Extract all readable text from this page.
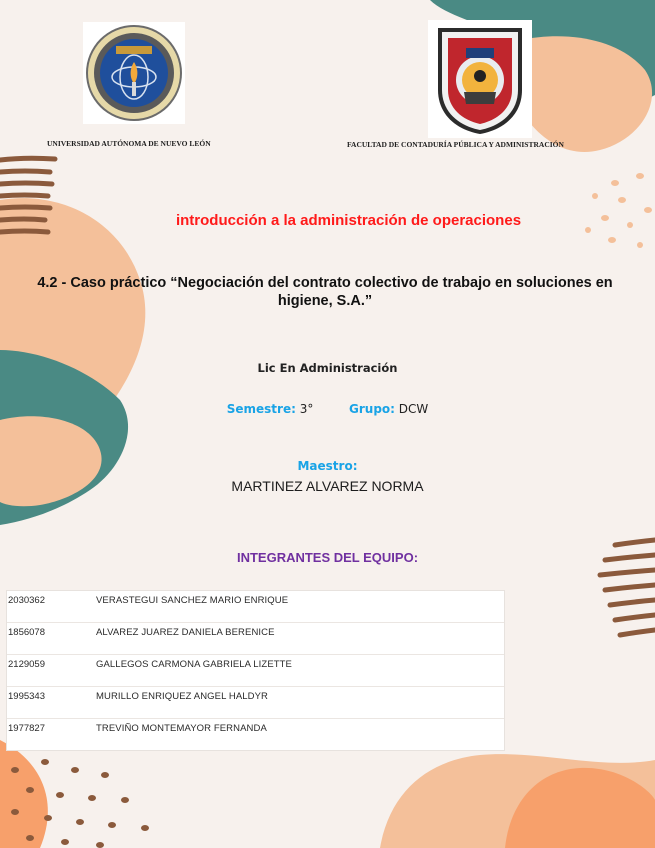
UNIVERSIDAD AUTÓNOMA DE NUEVO LEÓN	FACULTAD DE CONTADURÍA PÚBLICA Y ADMINISTRACIÓN
introducción a la administración de operaciones
4.2 - Caso práctico “Negociación del contrato colectivo de trabajo en soluciones en higiene, S.A.”
Lic En Administración
Semestre: 3°	Grupo: DCW
Maestro:
MARTINEZ ALVAREZ NORMA
INTEGRANTES DEL EQUIPO:
2030362	VERASTEGUI SANCHEZ MARIO ENRIQUE
1856078	ALVAREZ JUAREZ DANIELA BERENICE
2129059	GALLEGOS CARMONA GABRIELA LIZETTE
1995343	MURILLO ENRIQUEZ ANGEL HALDYR
1977827	TREVIÑO MONTEMAYOR FERNANDA
